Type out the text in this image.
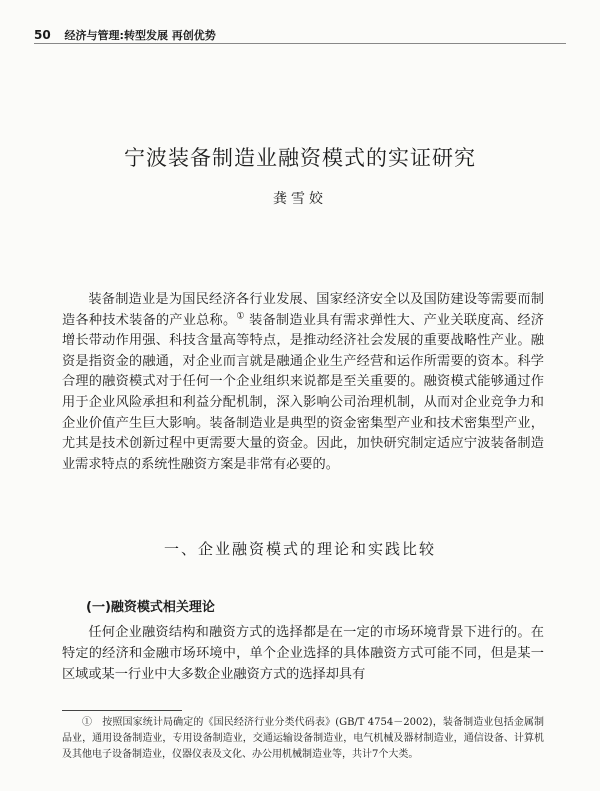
50 经济与管理:转型发展 再创优势
宁波装备制造业融资模式的实证研究
龚雪姣

装备制造业是为国民经济各行业发展、国家经济安全以及国防建设等需要而制造各种技术装备的产业总称。① 装备制造业具有需求弹性大、产业关联度高、经济增长带动作用强、科技含量高等特点，是推动经济社会发展的重要战略性产业。融资是指资金的融通，对企业而言就是融通企业生产经营和运作所需要的资本。科学合理的融资模式对于任何一个企业组织来说都是至关重要的。融资模式能够通过作用于企业风险承担和利益分配机制，深入影响公司治理机制，从而对企业竞争力和企业价值产生巨大影响。装备制造业是典型的资金密集型产业和技术密集型产业，尤其是技术创新过程中更需要大量的资金。因此，加快研究制定适应宁波装备制造业需求特点的系统性融资方案是非常有必要的。

一、企业融资模式的理论和实践比较
(一)融资模式相关理论

任何企业融资结构和融资方式的选择都是在一定的市场环境背景下进行的。在特定的经济和金融市场环境中，单个企业选择的具体融资方式可能不同，但是某一区域或某一行业中大多数企业融资方式的选择却具有

①　按照国家统计局确定的《国民经济行业分类代码表》(GB/T 4754－2002)，装备制造业包括金属制品业，通用设备制造业，专用设备制造业，交通运输设备制造业，电气机械及器材制造业，通信设备、计算机及其他电子设备制造业，仪器仪表及文化、办公用机械制造业等，共计7个大类。
